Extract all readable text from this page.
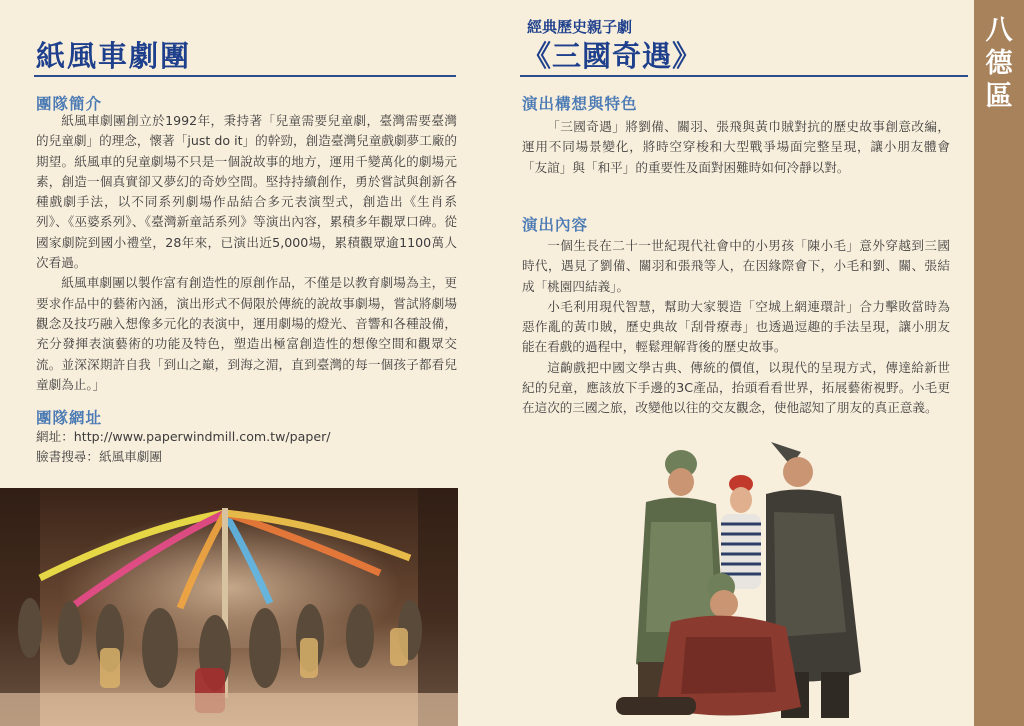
紙風車劇團
團隊簡介

紙風車劇團創立於1992年，秉持著「兒童需要兒童劇，臺灣需要臺灣的兒童劇」的理念，懷著「just do it」的幹勁，創造臺灣兒童戲劇夢工廠的期望。紙風車的兒童劇場不只是一個說故事的地方，運用千變萬化的劇場元素，創造一個真實卻又夢幻的奇妙空間。堅持持續創作，勇於嘗試與創新各種戲劇手法，以不同系列劇場作品結合多元表演型式，創造出《生肖系列》、《巫婆系列》、《臺灣新童話系列》等演出內容，累積多年觀眾口碑。從國家劇院到國小禮堂，28年來，已演出近5,000場，累積觀眾逾1100萬人次看過。

紙風車劇團以製作富有創造性的原創作品，不僅是以教育劇場為主，更要求作品中的藝術內涵，演出形式不侷限於傳統的說故事劇場，嘗試將劇場觀念及技巧融入想像多元化的表演中，運用劇場的燈光、音響和各種設備，充分發揮表演藝術的功能及特色，塑造出極富創造性的想像空間和觀眾交流。並深深期許自我「到山之巔，到海之湄，直到臺灣的每一個孩子都看兒童劇為止。」

團隊網址
網址：http://www.paperwindmill.com.tw/paper/
臉書搜尋：紙風車劇團
經典歷史親子劇
《三國奇遇》
演出構想與特色

「三國奇遇」將劉備、關羽、張飛與黃巾賊對抗的歷史故事創意改編，運用不同場景變化，將時空穿梭和大型戰爭場面完整呈現，讓小朋友體會「友誼」與「和平」的重要性及面對困難時如何冷靜以對。

演出內容

一個生長在二十一世紀現代社會中的小男孩「陳小毛」意外穿越到三國時代，遇見了劉備、關羽和張飛等人，在因緣際會下，小毛和劉、關、張結成「桃園四結義」。

小毛利用現代智慧，幫助大家製造「空城上網連環計」合力擊敗當時為惡作亂的黃巾賊，歷史典故「刮骨療毒」也透過逗趣的手法呈現，讓小朋友能在看戲的過程中，輕鬆理解背後的歷史故事。

這齣戲把中國文學古典、傳統的價值，以現代的呈現方式，傳達給新世紀的兒童，應該放下手邊的3C產品，抬頭看看世界，拓展藝術視野。小毛更在這次的三國之旅，改變他以往的交友觀念，使他認知了朋友的真正意義。

八
德
區
